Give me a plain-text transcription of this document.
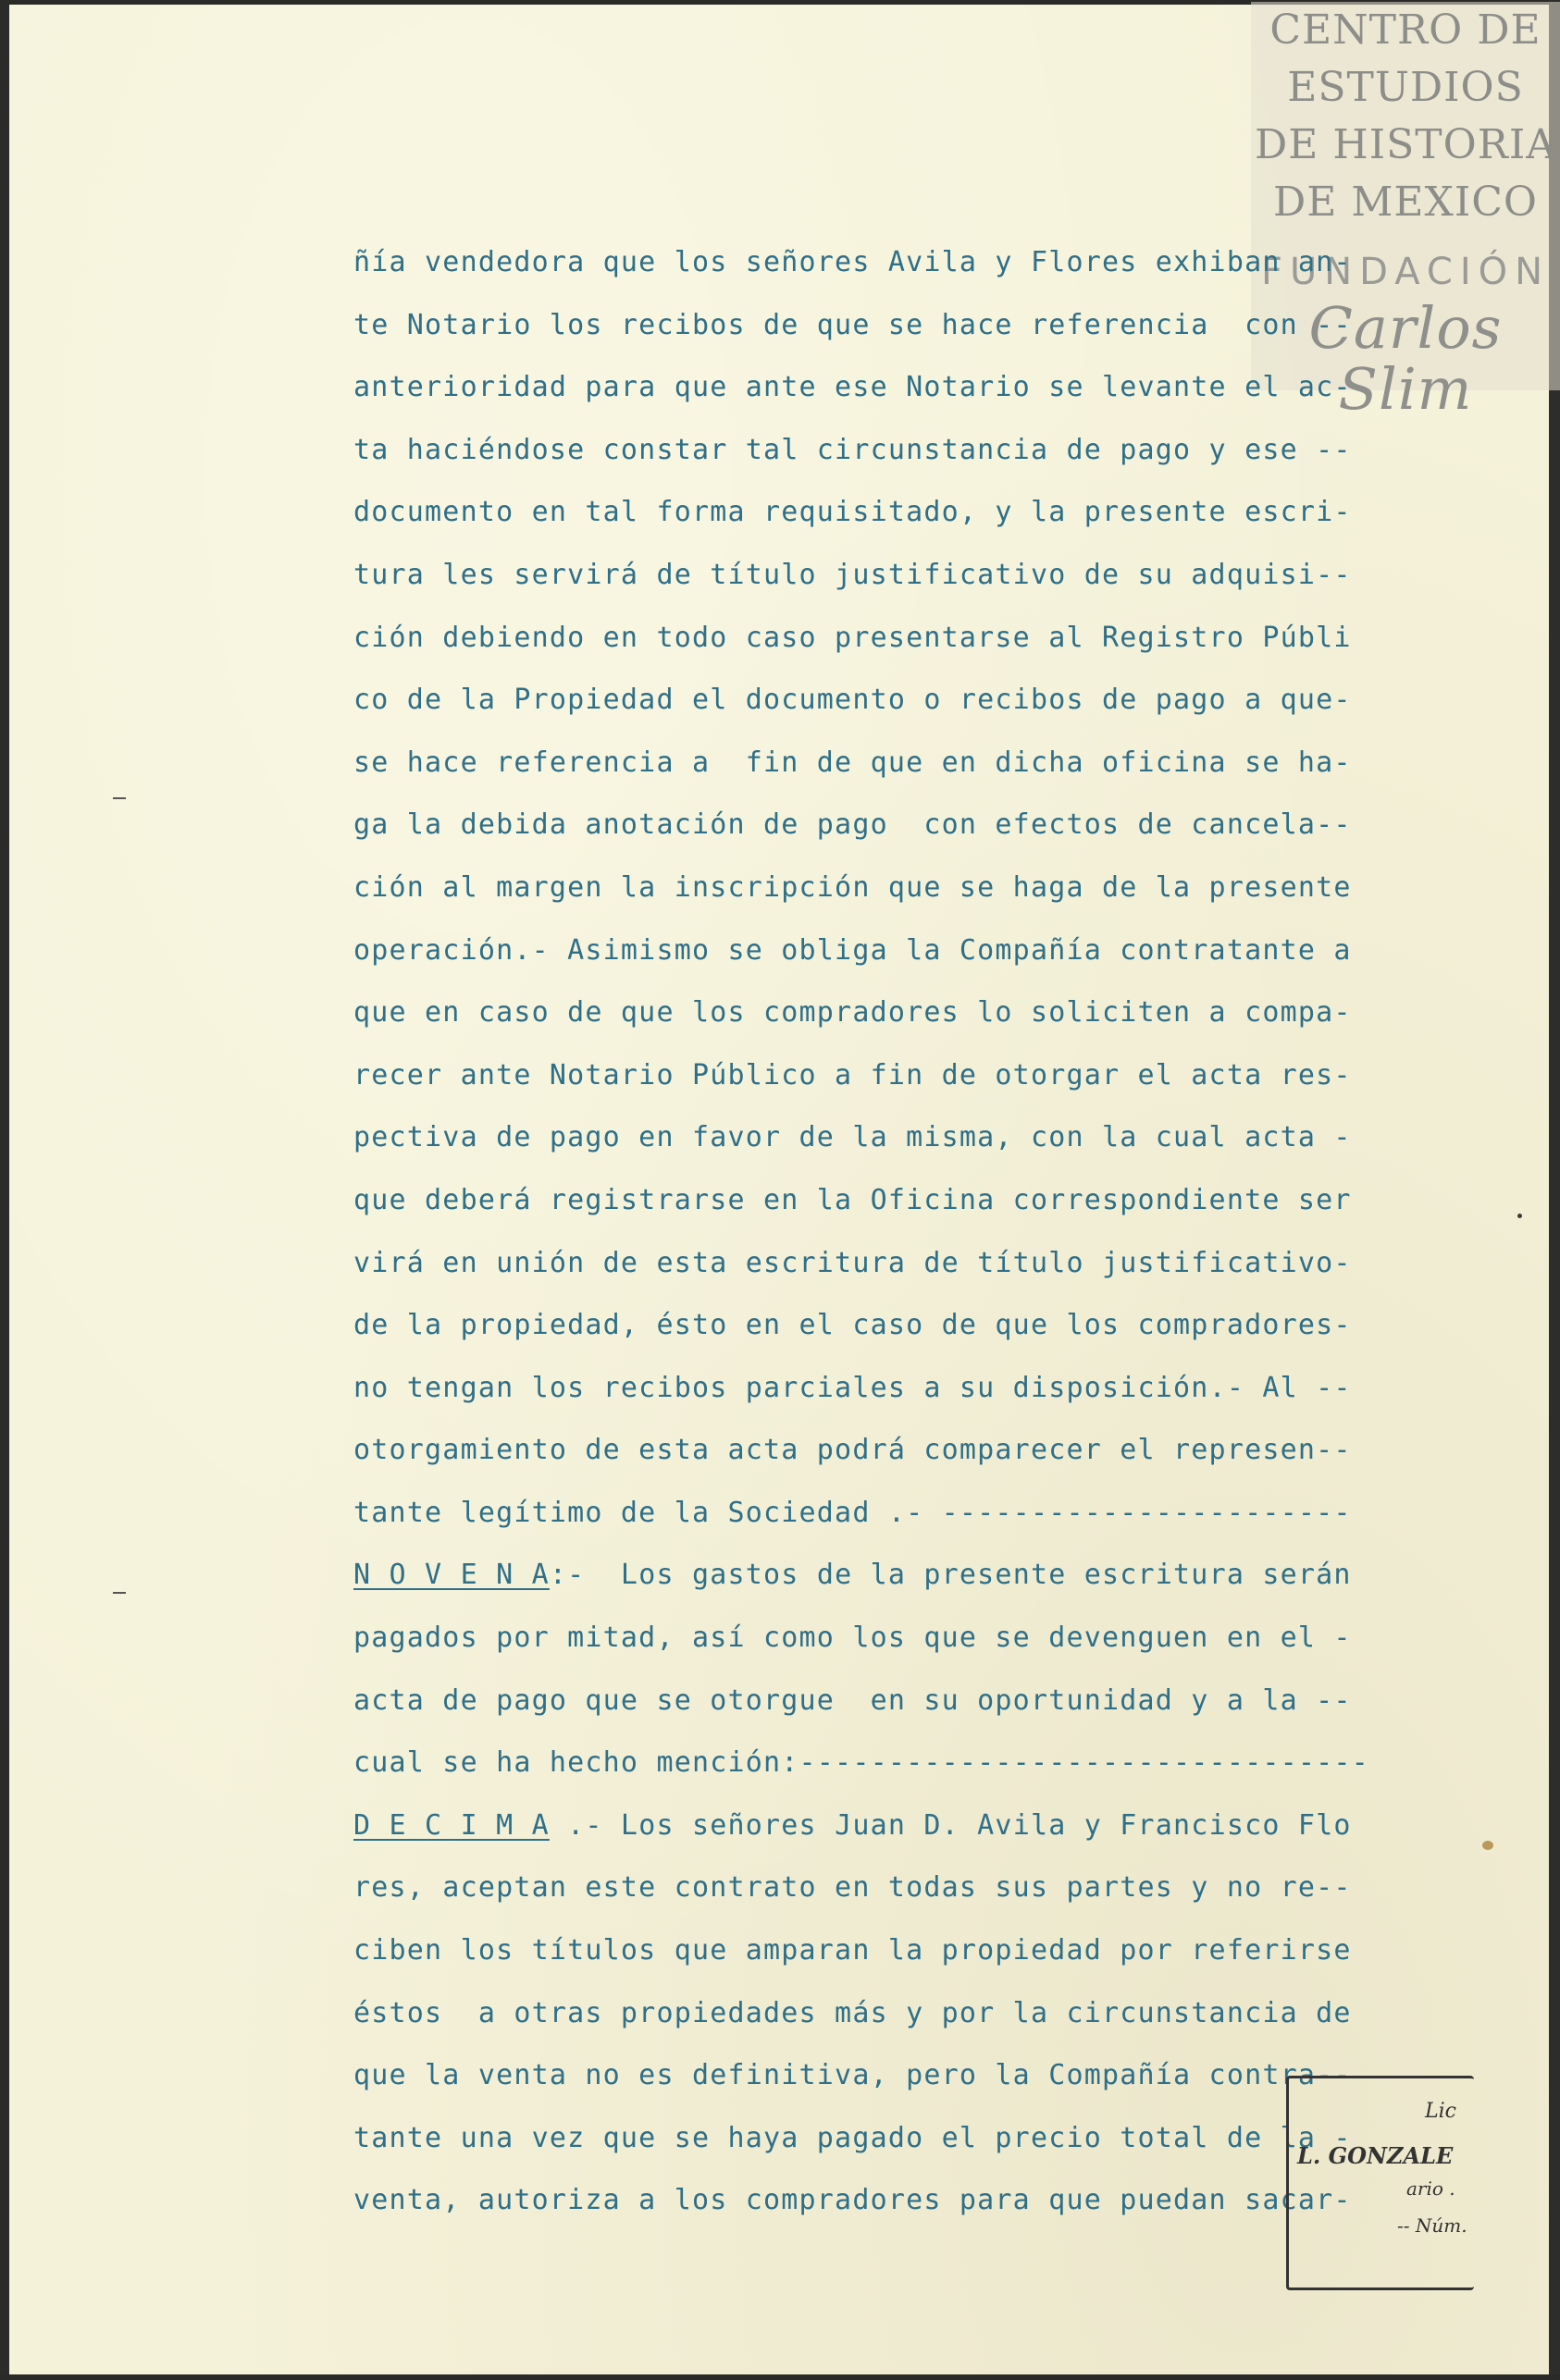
CENTRO DE
ESTUDIOS
DE HISTORIA
DE MEXICO
FUNDACIÓN
Carlos Slim
ñía vendedora que los señores Avila y Flores exhiban an-
te Notario los recibos de que se hace referencia  con --
anterioridad para que ante ese Notario se levante el ac-
ta haciéndose constar tal circunstancia de pago y ese --
documento en tal forma requisitado, y la presente escri-
tura les servirá de título justificativo de su adquisi--
ción debiendo en todo caso presentarse al Registro Públi
co de la Propiedad el documento o recibos de pago a que-
se hace referencia a  fin de que en dicha oficina se ha-
ga la debida anotación de pago  con efectos de cancela--
ción al margen la inscripción que se haga de la presente
operación.- Asimismo se obliga la Compañía contratante a
que en caso de que los compradores lo soliciten a compa-
recer ante Notario Público a fin de otorgar el acta res-
pectiva de pago en favor de la misma, con la cual acta -
que deberá registrarse en la Oficina correspondiente ser
virá en unión de esta escritura de título justificativo-
de la propiedad, ésto en el caso de que los compradores-
no tengan los recibos parciales a su disposición.- Al --
otorgamiento de esta acta podrá comparecer el represen--
tante legítimo de la Sociedad .- -----------------------
N O V E N A:-  Los gastos de la presente escritura serán
pagados por mitad, así como los que se devenguen en el -
acta de pago que se otorgue  en su oportunidad y a la --
cual se ha hecho mención:--------------------------------
D E C I M A .- Los señores Juan D. Avila y Francisco Flo
res, aceptan este contrato en todas sus partes y no re--
ciben los títulos que amparan la propiedad por referirse
éstos  a otras propiedades más y por la circunstancia de
que la venta no es definitiva, pero la Compañía contra--
tante una vez que se haya pagado el precio total de la -
venta, autoriza a los compradores para que puedan sacar-
Lic
L. GONZALE
ario .
-- Núm.
